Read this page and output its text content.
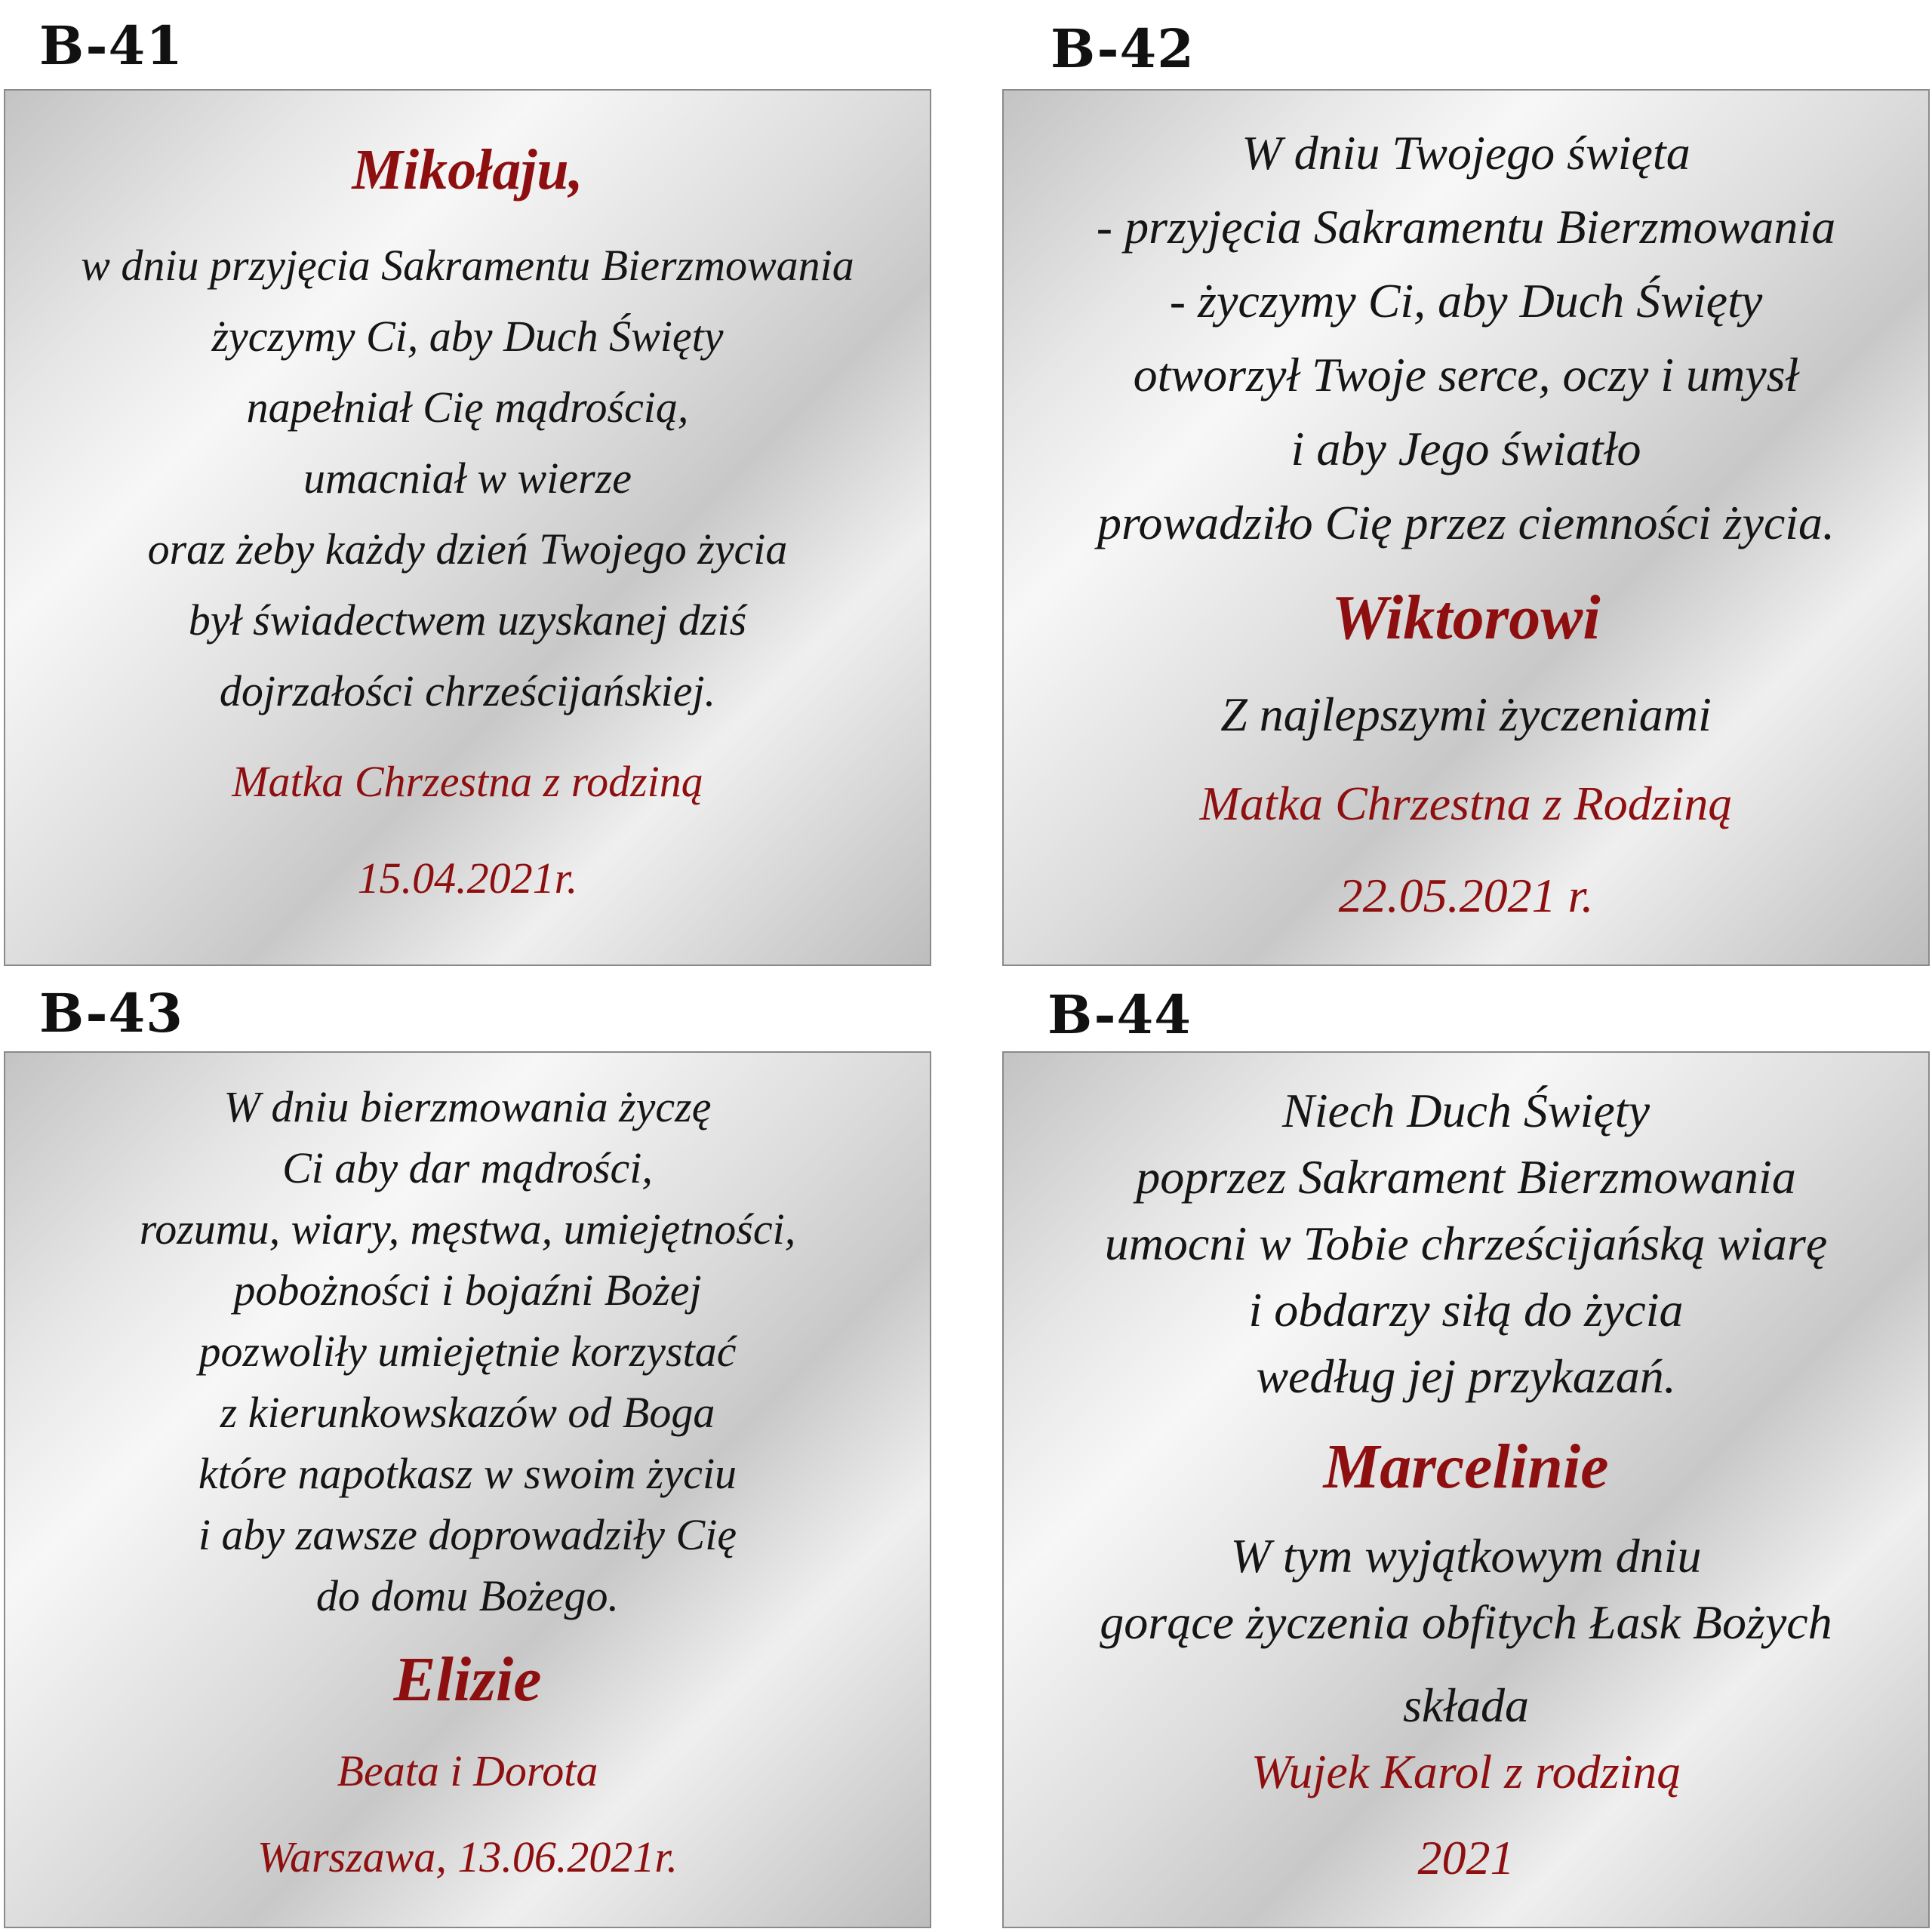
B-41
Mikołaju,
w dniu przyjęcia Sakramentu Bierzmowania
życzymy Ci, aby Duch Święty
napełniał Cię mądrością,
umacniał w wierze
oraz żeby każdy dzień Twojego życia
był świadectwem uzyskanej dziś
dojrzałości chrześcijańskiej.
Matka Chrzestna z rodziną
15.04.2021r.
B-42
W dniu Twojego święta
- przyjęcia Sakramentu Bierzmowania
- życzymy Ci, aby Duch Święty
otworzył Twoje serce, oczy i umysł
i aby Jego światło
prowadziło Cię przez ciemności życia.
Wiktorowi
Z najlepszymi życzeniami
Matka Chrzestna z Rodziną
22.05.2021 r.
B-43
W dniu bierzmowania życzę
Ci aby dar mądrości,
rozumu, wiary, męstwa, umiejętności,
pobożności i bojaźni Bożej
pozwoliły umiejętnie korzystać
z kierunkowskazów od Boga
które napotkasz w swoim życiu
i aby zawsze doprowadziły Cię
do domu Bożego.
Elizie
Beata i Dorota
Warszawa, 13.06.2021r.
B-44
Niech Duch Święty
poprzez Sakrament Bierzmowania
umocni w Tobie chrześcijańską wiarę
i obdarzy siłą do życia
według jej przykazań.
Marcelinie
W tym wyjątkowym dniu
gorące życzenia obfitych Łask Bożych
składa
Wujek Karol z rodziną
2021
